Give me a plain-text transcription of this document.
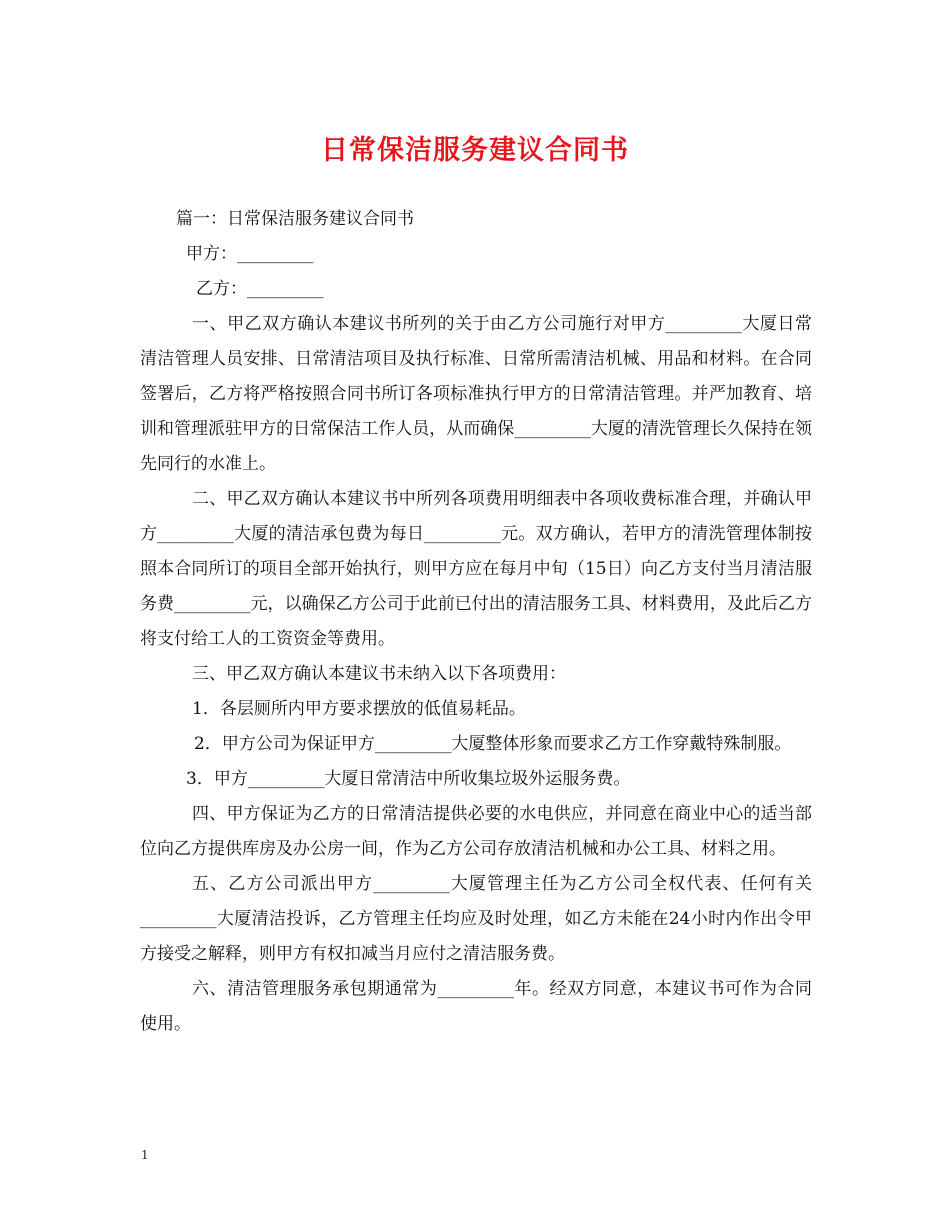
日常保洁服务建议合同书

篇一：日常保洁服务建议合同书

甲方：_________

乙方：_________

一、甲乙双方确认本建议书所列的关于由乙方公司施行对甲方_________大厦日常清洁管理人员安排、日常清洁项目及执行标准、日常所需清洁机械、用品和材料。在合同签署后，乙方将严格按照合同书所订各项标准执行甲方的日常清洁管理。并严加教育、培训和管理派驻甲方的日常保洁工作人员，从而确保_________大厦的清洗管理长久保持在领先同行的水准上。

二、甲乙双方确认本建议书中所列各项费用明细表中各项收费标准合理，并确认甲方_________大厦的清洁承包费为每日_________元。双方确认，若甲方的清洗管理体制按照本合同所订的项目全部开始执行，则甲方应在每月中旬（15日）向乙方支付当月清洁服务费_________元，以确保乙方公司于此前已付出的清洁服务工具、材料费用，及此后乙方将支付给工人的工资资金等费用。

三、甲乙双方确认本建议书未纳入以下各项费用：

1．各层厕所内甲方要求摆放的低值易耗品。

2．甲方公司为保证甲方_________大厦整体形象而要求乙方工作穿戴特殊制服。

3．甲方_________大厦日常清洁中所收集垃圾外运服务费。

四、甲方保证为乙方的日常清洁提供必要的水电供应，并同意在商业中心的适当部位向乙方提供库房及办公房一间，作为乙方公司存放清洁机械和办公工具、材料之用。

五、乙方公司派出甲方_________大厦管理主任为乙方公司全权代表、任何有关_________大厦清洁投诉，乙方管理主任均应及时处理，如乙方未能在24小时内作出令甲方接受之解释，则甲方有权扣减当月应付之清洁服务费。

六、清洁管理服务承包期通常为_________年。经双方同意，本建议书可作为合同使用。

1
